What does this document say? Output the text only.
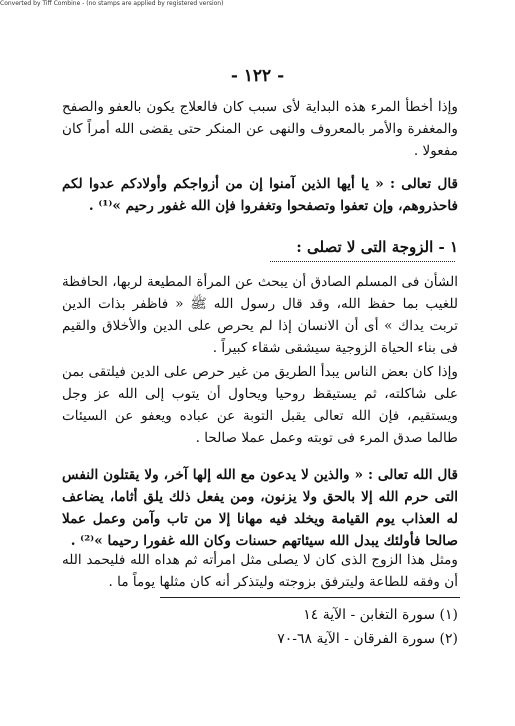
Converted by Tiff Combine - (no stamps are applied by registered version)
- ١٢٢ -

وإذا أخطأ المرء هذه البداية لأى سبب كان فالعلاج يكون بالعفو والصفح والمغفرة والأمر بالمعروف والنهى عن المنكر حتى يقضى الله أمراً كان مفعولا .

قال تعالى : « يا أيها الذين آمنوا إن من أزواجكم وأولادكم عدوا لكم فاحذروهم، وإن تعفوا وتصفحوا وتغفروا فإن الله غفور رحيم »⁽¹⁾ .

١ - الزوجة التى لا تصلى :

الشأن فى المسلم الصادق أن يبحث عن المرأة المطيعة لربها، الحافظة للغيب بما حفظ الله، وقد قال رسول الله ﷺ « فاظفر بذات الدين تربت يداك » أى أن الانسان إذا لم يحرص على الدين والأخلاق والقيم فى بناء الحياة الزوجية سيشقى شقاء كبيراً .

وإذا كان بعض الناس يبدأ الطريق من غير حرص على الدين فيلتقى بمن على شاكلته، ثم يستيقظ روحيا ويحاول أن يتوب إلى الله عز وجل ويستقيم، فإن الله تعالى يقبل التوبة عن عباده ويعفو عن السيئات طالما صدق المرء فى توبته وعمل عملا صالحا .

قال الله تعالى : « والذين لا يدعون مع الله إلها آخر، ولا يقتلون النفس التى حرم الله إلا بالحق ولا يزنون، ومن يفعل ذلك يلق أثاما، يضاعف له العذاب يوم القيامة ويخلد فيه مهانا إلا من تاب وآمن وعمل عملا صالحا فأولئك يبدل الله سيئاتهم حسنات وكان الله غفورا رحيما »⁽²⁾ .

ومثل هذا الزوج الذى كان لا يصلى مثل امرأته ثم هداه الله فليحمد الله أن وفقه للطاعة وليترفق بزوجته وليتذكر أنه كان مثلها يوماً ما .

(١) سورة التغابن - الآية ١٤
(٢) سورة الفرقان - الآية ٦٨-٧٠
